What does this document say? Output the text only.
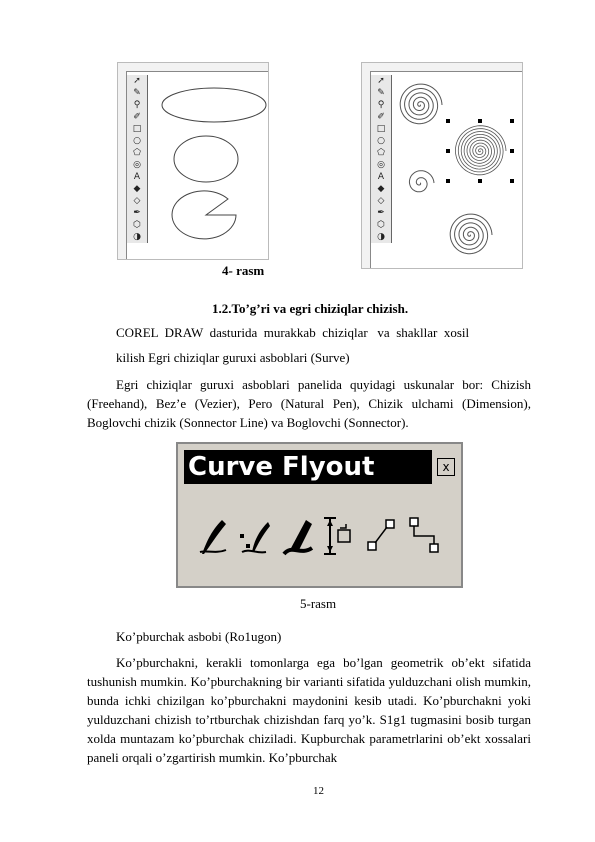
➚
✎
⚲
✐
□
○
⬠
◎
A
◆
◇
✒
⬡
◑
➚
✎
⚲
✐
□
○
⬠
◎
A
◆
◇
✒
⬡
◑
4- rasm
1.2.To’g’ri va egri chiziqlar chizish.
COREL  DRAW  dasturida  murakkab  chiziqlar   va  shakllar  xosil
kilish Egri chiziqlar guruxi asboblari (Surve)
Egri chiziqlar guruxi asboblari panelida quyidagi uskunalar bor: Chizish (Freehand), Bez’e (Vezier), Pero (Natural Pen), Chizik ulchami (Dimension), Boglovchi chizik (Sonnector Line) va Boglovchi (Sonnector).
Curve Flyout	x
5-rasm
Ko’pburchak asbobi (Ro1ugon)
Ko’pburchakni, kerakli tomonlarga ega bo’lgan geometrik ob’ekt sifatida tushunish mumkin. Ko’pburchakning bir varianti sifatida yulduzchani olish mumkin, bunda ichki chizilgan ko’pburchakni maydonini kesib utadi. Ko’pburchakni yoki yulduzchani chizish to’rtburchak chizishdan farq yo’k. S1g1 tugmasini bosib turgan xolda muntazam ko’pburchak chiziladi. Kupburchak parametrlarini ob’ekt xossalari paneli orqali o’zgartirish mumkin. Ko’pburchak
12
